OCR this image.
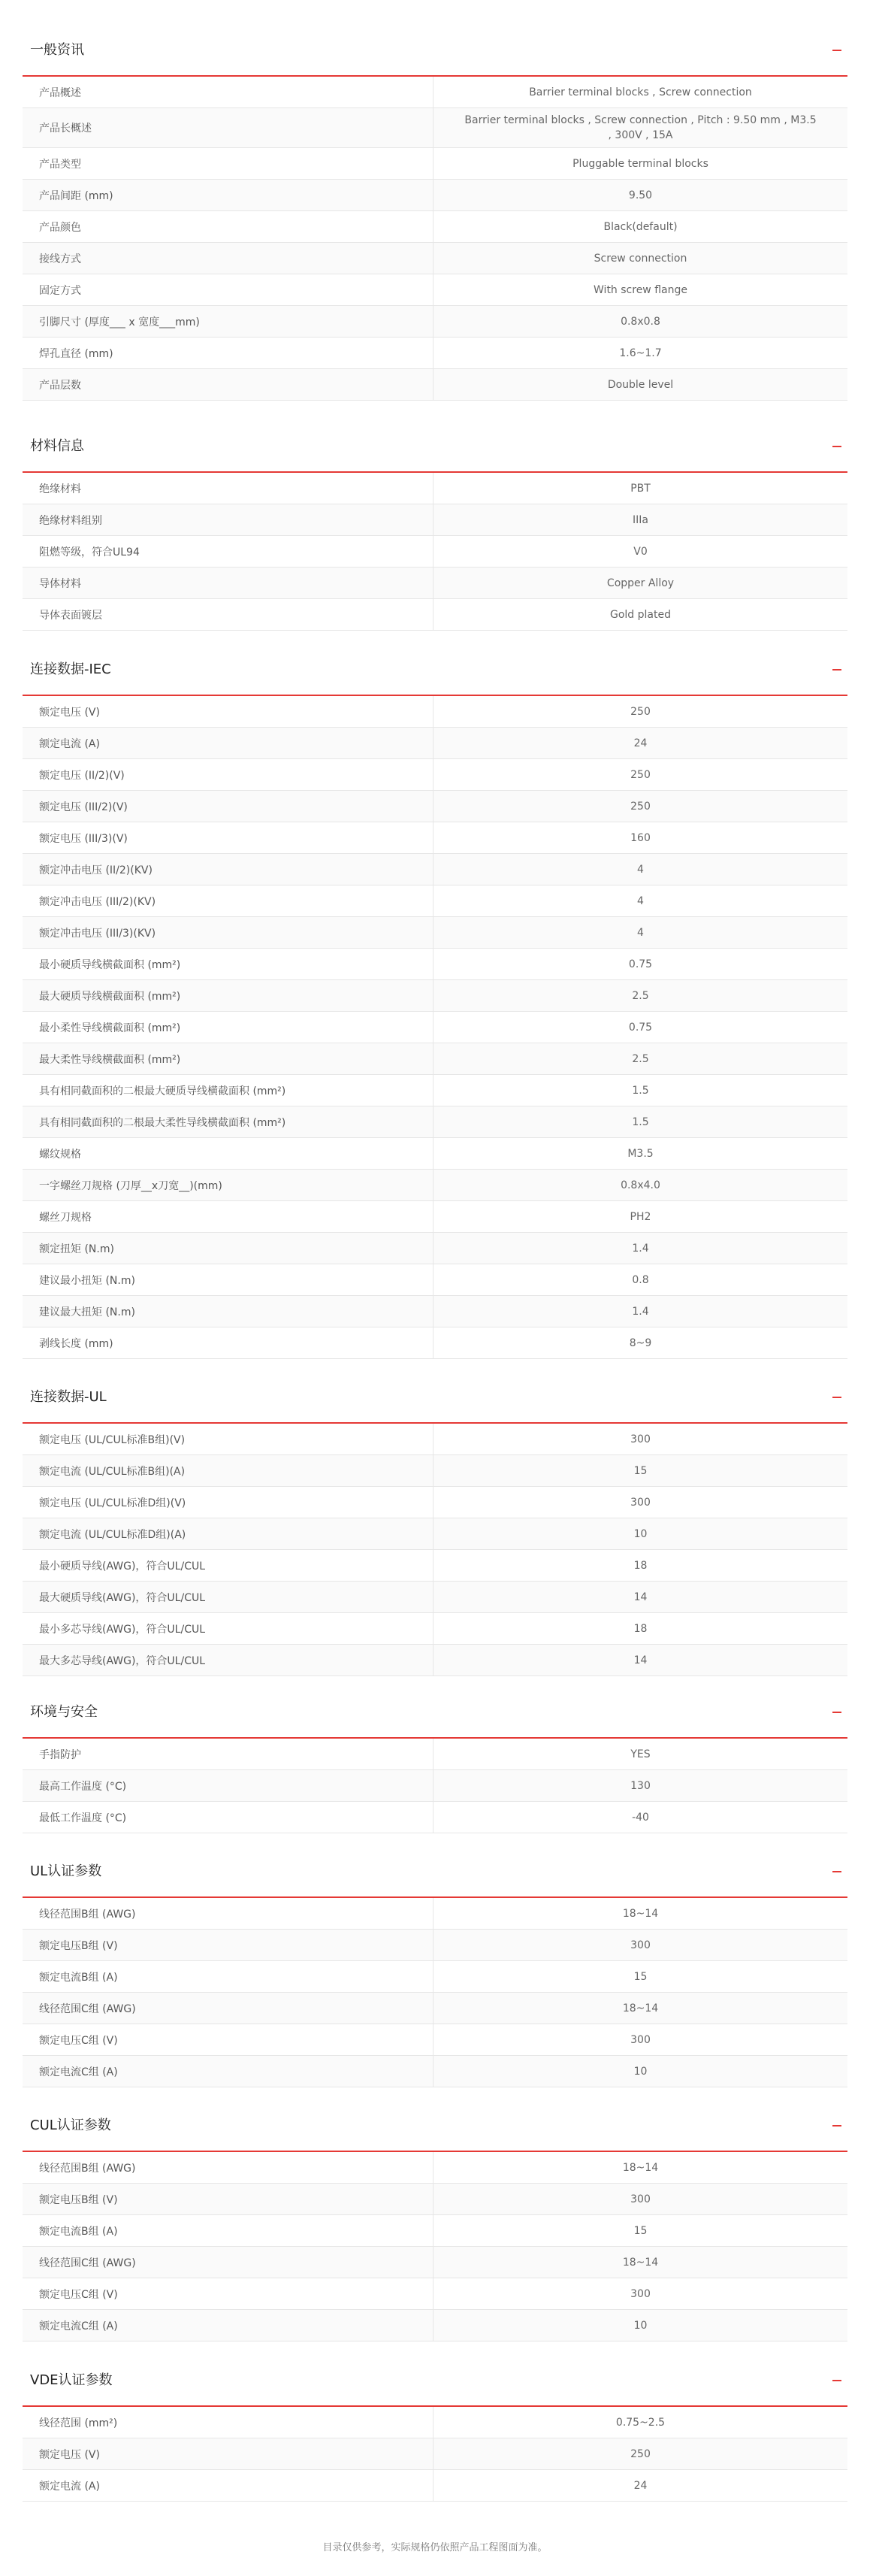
一般资讯
产品概述	Barrier terminal blocks , Screw connection
产品长概述	Barrier terminal blocks , Screw connection , Pitch : 9.50 mm , M3.5 , 300V , 15A
产品类型	Pluggable terminal blocks
产品间距 (mm)	9.50
产品颜色	Black(default)
接线方式	Screw connection
固定方式	With screw flange
引脚尺寸 (厚度___ x 宽度___mm)	0.8x0.8
焊孔直径 (mm)	1.6~1.7
产品层数	Double level
材料信息
绝缘材料	PBT
绝缘材料组别	IIIa
阻燃等级，符合UL94	V0
导体材料	Copper Alloy
导体表面镀层	Gold plated
连接数据-IEC
额定电压 (V)	250
额定电流 (A)	24
额定电压 (II/2)(V)	250
额定电压 (III/2)(V)	250
额定电压 (III/3)(V)	160
额定冲击电压 (II/2)(KV)	4
额定冲击电压 (III/2)(KV)	4
额定冲击电压 (III/3)(KV)	4
最小硬质导线横截面积 (mm²)	0.75
最大硬质导线横截面积 (mm²)	2.5
最小柔性导线横截面积 (mm²)	0.75
最大柔性导线横截面积 (mm²)	2.5
具有相同截面积的二根最大硬质导线横截面积 (mm²)	1.5
具有相同截面积的二根最大柔性导线横截面积 (mm²)	1.5
螺纹规格	M3.5
一字螺丝刀规格 (刀厚__x刀宽__)(mm)	0.8x4.0
螺丝刀规格	PH2
额定扭矩 (N.m)	1.4
建议最小扭矩 (N.m)	0.8
建议最大扭矩 (N.m)	1.4
剥线长度 (mm)	8~9
连接数据-UL
额定电压 (UL/CUL标准B组)(V)	300
额定电流 (UL/CUL标准B组)(A)	15
额定电压 (UL/CUL标准D组)(V)	300
额定电流 (UL/CUL标准D组)(A)	10
最小硬质导线(AWG)，符合UL/CUL	18
最大硬质导线(AWG)，符合UL/CUL	14
最小多芯导线(AWG)，符合UL/CUL	18
最大多芯导线(AWG)，符合UL/CUL	14
环境与安全
手指防护	YES
最高工作温度 (°C)	130
最低工作温度 (°C)	-40
UL认证参数
线径范围B组 (AWG)	18~14
额定电压B组 (V)	300
额定电流B组 (A)	15
线径范围C组 (AWG)	18~14
额定电压C组 (V)	300
额定电流C组 (A)	10
CUL认证参数
线径范围B组 (AWG)	18~14
额定电压B组 (V)	300
额定电流B组 (A)	15
线径范围C组 (AWG)	18~14
额定电压C组 (V)	300
额定电流C组 (A)	10
VDE认证参数
线径范围 (mm²)	0.75~2.5
额定电压 (V)	250
额定电流 (A)	24
目录仅供参考，实际规格仍依照产品工程图面为准。
